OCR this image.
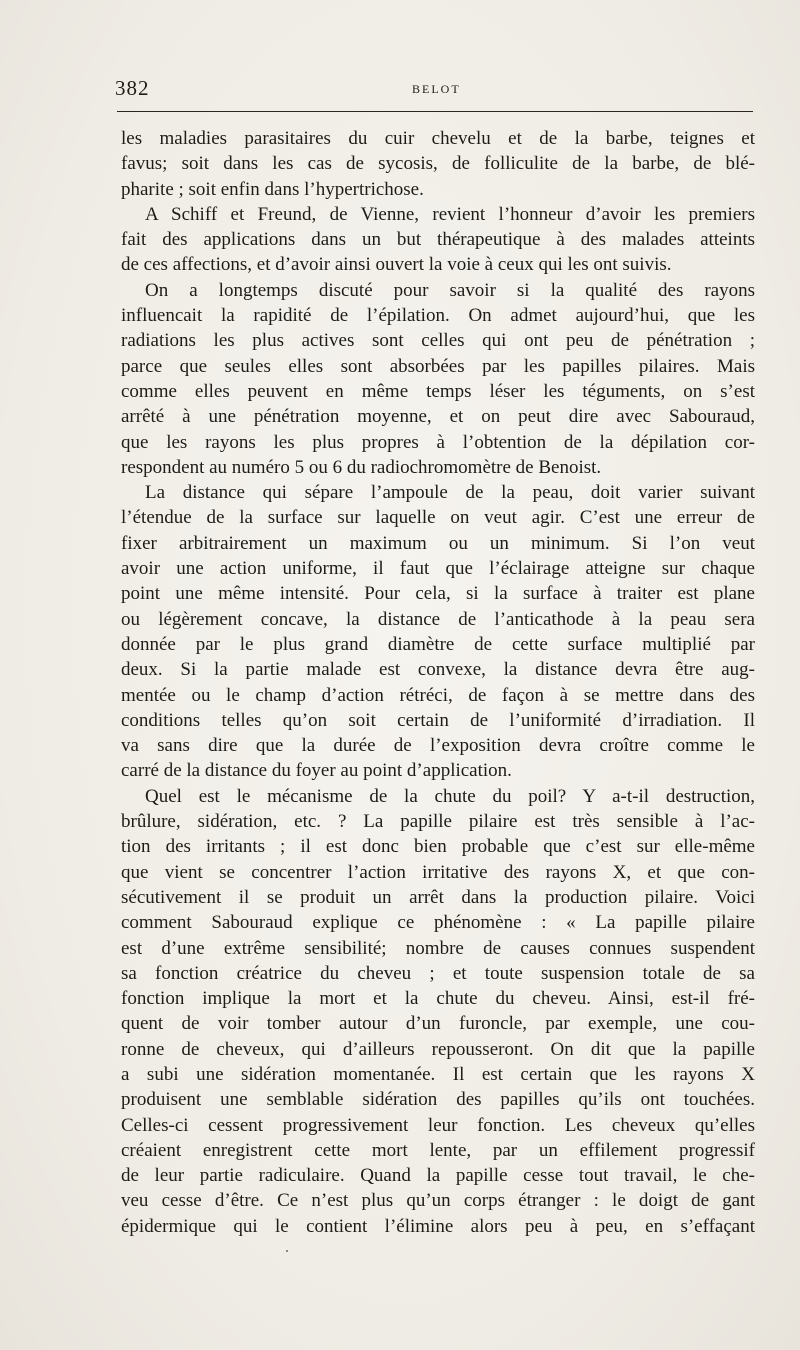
382	BELOT
les maladies parasitaires du cuir chevelu et de la barbe, teignes et
favus; soit dans les cas de sycosis, de folliculite de la barbe, de blé-
pharite ; soit enfin dans l’hypertrichose.
A Schiff et Freund, de Vienne, revient l’honneur d’avoir les premiers
fait des applications dans un but thérapeutique à des malades atteints
de ces affections, et d’avoir ainsi ouvert la voie à ceux qui les ont suivis.
On a longtemps discuté pour savoir si la qualité des rayons
influencait la rapidité de l’épilation. On admet aujourd’hui, que les
radiations les plus actives sont celles qui ont peu de pénétration ;
parce que seules elles sont absorbées par les papilles pilaires. Mais
comme elles peuvent en même temps léser les téguments, on s’est
arrêté à une pénétration moyenne, et on peut dire avec Sabouraud,
que les rayons les plus propres à l’obtention de la dépilation cor-
respondent au numéro 5 ou 6 du radiochromomètre de Benoist.
La distance qui sépare l’ampoule de la peau, doit varier suivant
l’étendue de la surface sur laquelle on veut agir. C’est une erreur de
fixer arbitrairement un maximum ou un minimum. Si l’on veut
avoir une action uniforme, il faut que l’éclairage atteigne sur chaque
point une même intensité. Pour cela, si la surface à traiter est plane
ou légèrement concave, la distance de l’anticathode à la peau sera
donnée par le plus grand diamètre de cette surface multiplié par
deux. Si la partie malade est convexe, la distance devra être aug-
mentée ou le champ d’action rétréci, de façon à se mettre dans des
conditions telles qu’on soit certain de l’uniformité d’irradiation. Il
va sans dire que la durée de l’exposition devra croître comme le
carré de la distance du foyer au point d’application.
Quel est le mécanisme de la chute du poil? Y a-t-il destruction,
brûlure, sidération, etc. ? La papille pilaire est très sensible à l’ac-
tion des irritants ; il est donc bien probable que c’est sur elle-même
que vient se concentrer l’action irritative des rayons X, et que con-
sécutivement il se produit un arrêt dans la production pilaire. Voici
comment Sabouraud explique ce phénomène : « La papille pilaire
est d’une extrême sensibilité; nombre de causes connues suspendent
sa fonction créatrice du cheveu ; et toute suspension totale de sa
fonction implique la mort et la chute du cheveu. Ainsi, est-il fré-
quent de voir tomber autour d’un furoncle, par exemple, une cou-
ronne de cheveux, qui d’ailleurs repousseront. On dit que la papille
a subi une sidération momentanée. Il est certain que les rayons X
produisent une semblable sidération des papilles qu’ils ont touchées.
Celles-ci cessent progressivement leur fonction. Les cheveux qu’elles
créaient enregistrent cette mort lente, par un effilement progressif
de leur partie radiculaire. Quand la papille cesse tout travail, le che-
veu cesse d’être. Ce n’est plus qu’un corps étranger : le doigt de gant
épidermique qui le contient l’élimine alors peu à peu, en s’effaçant
